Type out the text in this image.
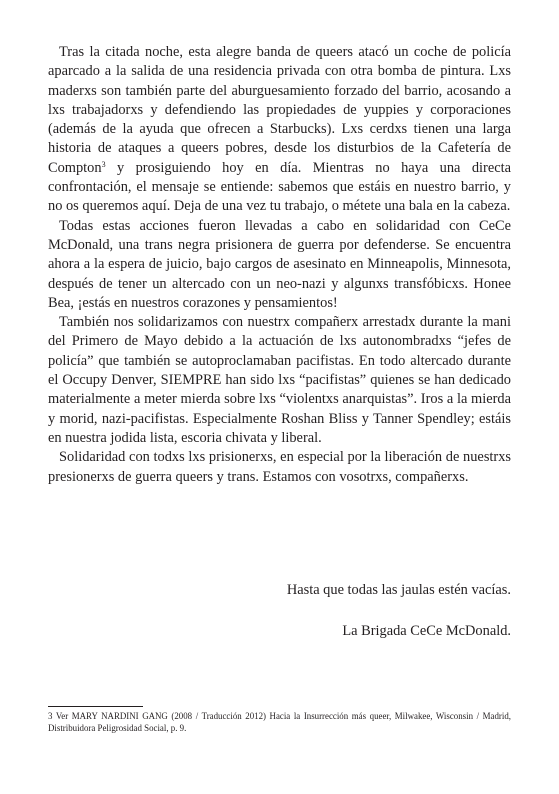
Tras la citada noche, esta alegre banda de queers atacó un coche de policía aparcado a la salida de una residencia privada con otra bomba de pintura. Lxs maderxs son también parte del aburguesamiento forzado del barrio, acosando a lxs trabajadorxs y defendiendo las propiedades de yuppies y corporaciones (además de la ayuda que ofrecen a Starbucks). Lxs cerdxs tienen una larga historia de ataques a queers pobres, desde los disturbios de la Cafetería de Compton$^3$ y prosiguiendo hoy en día. Mientras no haya una directa confrontación, el mensaje se entiende: sabemos que estáis en nuestro barrio, y no os queremos aquí. Deja de una vez tu trabajo, o métete una bala en la cabeza.

Todas estas acciones fueron llevadas a cabo en solidaridad con CeCe McDonald, una trans negra prisionera de guerra por defenderse. Se encuentra ahora a la espera de juicio, bajo cargos de asesinato en Minneapolis, Minnesota, después de tener un altercado con un neo-nazi y algunxs transfóbicxs. Honee Bea, ¡estás en nuestros corazones y pensamientos!

También nos solidarizamos con nuestrx compañerx arrestadx durante la mani del Primero de Mayo debido a la actuación de lxs autonombradxs “jefes de policía” que también se autoproclamaban pacifistas. En todo altercado durante el Occupy Denver, SIEMPRE han sido lxs “pacifistas” quienes se han dedicado materialmente a meter mierda sobre lxs “violentxs anarquistas”. Iros a la mierda y morid, nazi-pacifistas. Especialmente Roshan Bliss y Tanner Spendley; estáis en nuestra jodida lista, escoria chivata y liberal.

Solidaridad con todxs lxs prisionerxs, en especial por la liberación de nuestrxs presionerxs de guerra queers y trans. Estamos con vosotrxs, compañerxs.

Hasta que todas las jaulas estén vacías.
La Brigada CeCe McDonald.
3 Ver MARY NARDINI GANG (2008 / Traducción 2012) Hacia la Insurrección más queer, Milwakee, Wisconsin / Madrid, Distribuidora Peligrosidad Social, p. 9.
